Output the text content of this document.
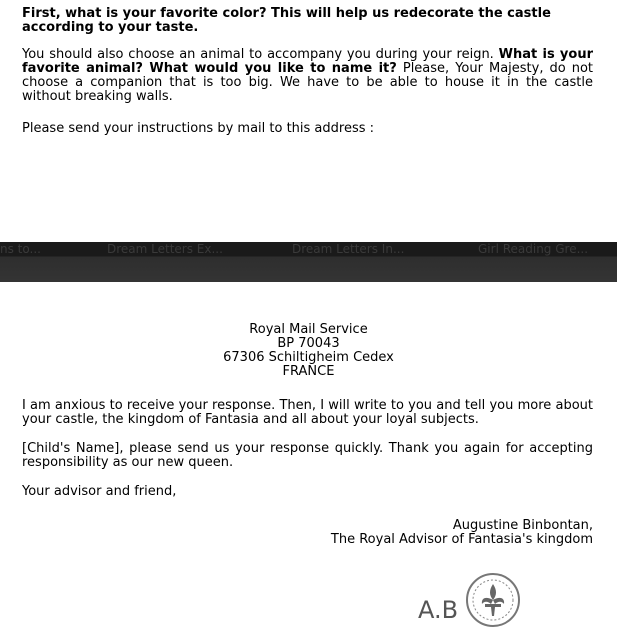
First, what is your favorite color? This will help us redecorate the castle according to your taste.
You should also choose an animal to accompany you during your reign. What is your favorite animal? What would you like to name it? Please, Your Majesty, do not choose a companion that is too big. We have to be able to house it in the castle without breaking walls.
Please send your instructions by mail to this address :
ns to...	Dream Letters Ex...	Dream Letters In...	Girl Reading Gre...
Royal Mail Service
BP 70043
67306 Schiltigheim Cedex
FRANCE
I am anxious to receive your response. Then, I will write to you and tell you more about your castle, the kingdom of Fantasia and all about your loyal subjects.
[Child's Name], please send us your response quickly. Thank you again for accepting responsibility as our new queen.
Your advisor and friend,
Augustine Binbontan,
The Royal Advisor of Fantasia's kingdom
A.B
